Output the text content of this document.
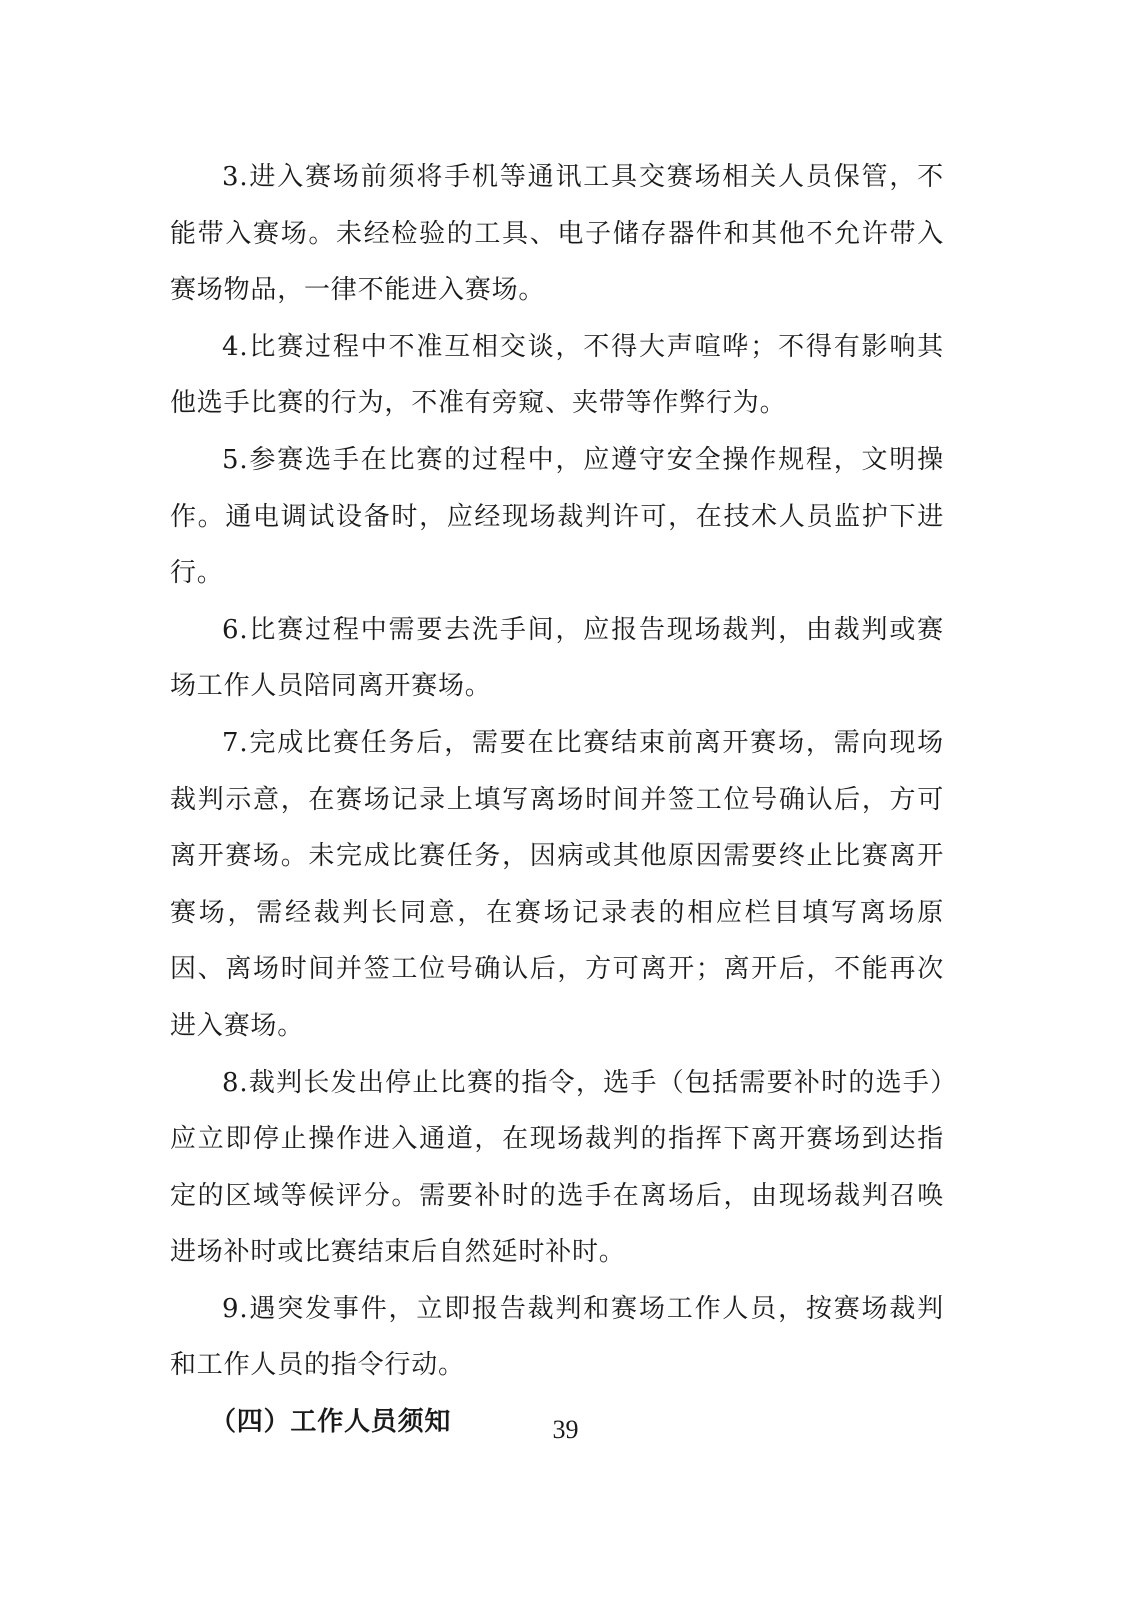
3.进入赛场前须将手机等通讯工具交赛场相关人员保管，不能带入赛场。未经检验的工具、电子储存器件和其他不允许带入赛场物品，一律不能进入赛场。

4.比赛过程中不准互相交谈，不得大声喧哗；不得有影响其他选手比赛的行为，不准有旁窥、夹带等作弊行为。

5.参赛选手在比赛的过程中，应遵守安全操作规程，文明操作。通电调试设备时，应经现场裁判许可，在技术人员监护下进行。

6.比赛过程中需要去洗手间，应报告现场裁判，由裁判或赛场工作人员陪同离开赛场。

7.完成比赛任务后，需要在比赛结束前离开赛场，需向现场裁判示意，在赛场记录上填写离场时间并签工位号确认后，方可离开赛场。未完成比赛任务，因病或其他原因需要终止比赛离开赛场，需经裁判长同意，在赛场记录表的相应栏目填写离场原因、离场时间并签工位号确认后，方可离开；离开后，不能再次进入赛场。

8.裁判长发出停止比赛的指令，选手（包括需要补时的选手）应立即停止操作进入通道，在现场裁判的指挥下离开赛场到达指定的区域等候评分。需要补时的选手在离场后，由现场裁判召唤进场补时或比赛结束后自然延时补时。

9.遇突发事件，立即报告裁判和赛场工作人员，按赛场裁判和工作人员的指令行动。

（四）工作人员须知	39
